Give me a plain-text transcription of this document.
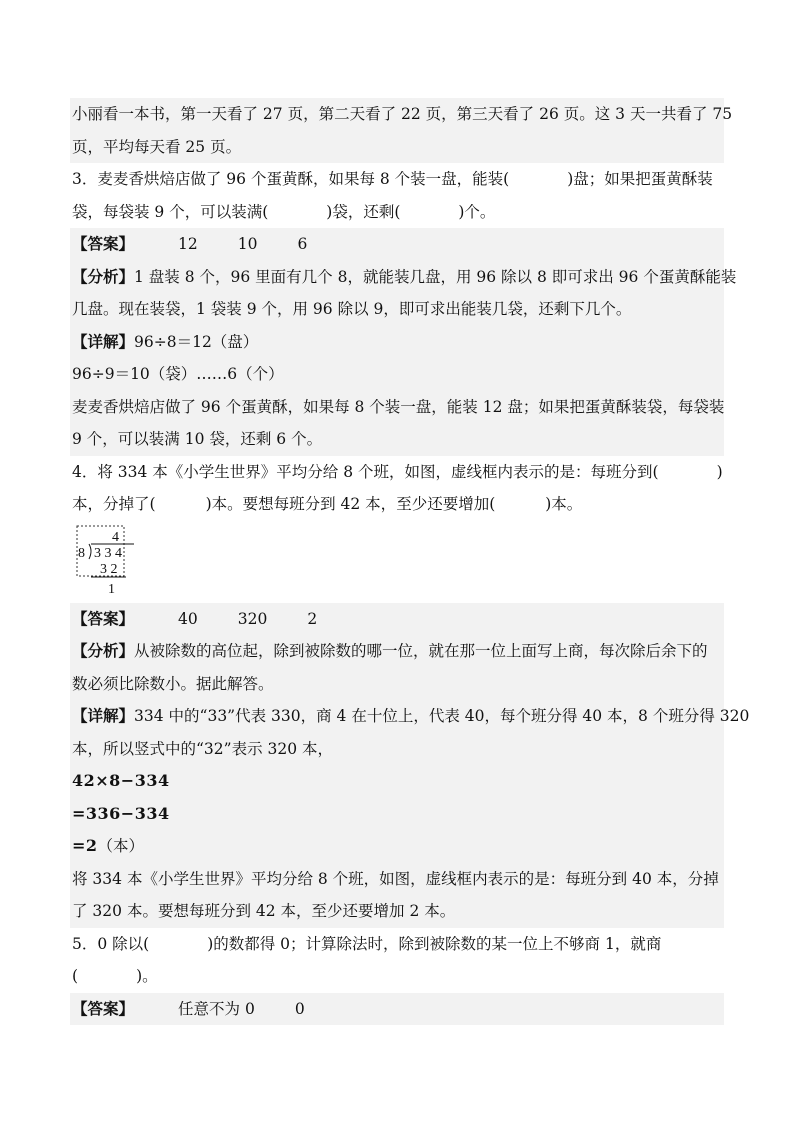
小丽看一本书，第一天看了 27 页，第二天看了 22 页，第三天看了 26 页。这 3 天一共看了 75
页，平均每天看 25 页。
3．麦麦香烘焙店做了 96 个蛋黄酥，如果每 8 个装一盘，能装(	)盘；如果把蛋黄酥装
袋，每袋装 9 个，可以装满(	)袋，还剩(	)个。
【答案】	12	10	6
【分析】1 盘装 8 个，96 里面有几个 8，就能装几盘，用 96 除以 8 即可求出 96 个蛋黄酥能装
几盘。现在装袋，1 袋装 9 个，用 96 除以 9，即可求出能装几袋，还剩下几个。
【详解】96÷8＝12（盘）
96÷9＝10（袋）……6（个）
麦麦香烘焙店做了 96 个蛋黄酥，如果每 8 个装一盘，能装 12 盘；如果把蛋黄酥装袋，每袋装
9 个，可以装满 10 袋，还剩 6 个。
4．将 334 本《小学生世界》平均分给 8 个班，如图，虚线框内表示的是：每班分到(	)
本，分掉了(	)本。要想每班分到 42 本，至少还要增加(	)本。
4
8 3 3 4
3 2
1
【答案】	40	320	2
【分析】从被除数的高位起，除到被除数的哪一位，就在那一位上面写上商，每次除后余下的
数必须比除数小。据此解答。
【详解】334 中的“33”代表 330，商 4 在十位上，代表 40，每个班分得 40 本，8 个班分得 320
本，所以竖式中的“32”表示 320 本，
42×8−334
=336−334
=2（本）
将 334 本《小学生世界》平均分给 8 个班，如图，虚线框内表示的是：每班分到 40 本，分掉
了 320 本。要想每班分到 42 本，至少还要增加 2 本。
5．0 除以(	)的数都得 0；计算除法时，除到被除数的某一位上不够商 1，就商
(	)。
【答案】	任意不为 0	0
